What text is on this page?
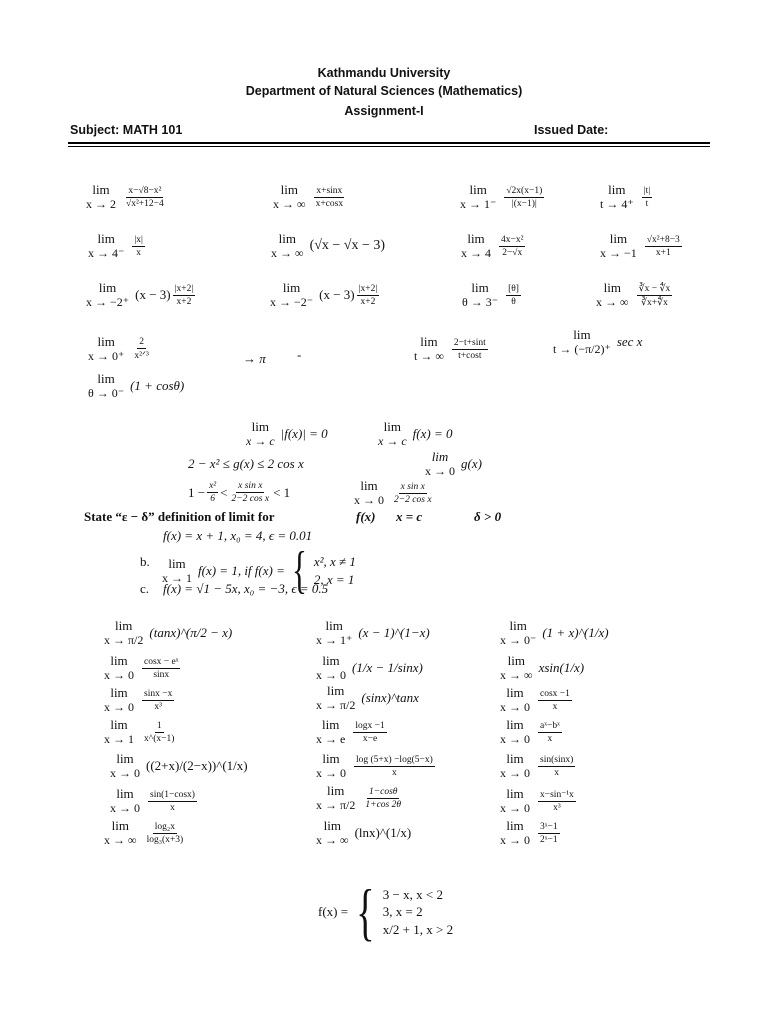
Kathmandu University
Department of Natural Sciences (Mathematics)
Assignment-I
Subject: MATH 101	Issued Date:
lim
x → 2
x−√8−x²
√x²+12−4
lim
x → ∞
x+sinx
x+cosx
lim
x → 1⁻
√2x(x−1)
|(x−1)|
lim
t → 4⁺
|t|
t
lim
x → 4⁻
|x|
x
lim
x → ∞ (√x − √x − 3)	lim
x → 4
4x−x²
2−√x
lim
x → −1
√x²+8−3
x+1
lim
x → −2⁺ (x − 3) |x+2|
x+2
lim
x → −2⁻ (x − 3) |x+2|
x+2
lim
θ → 3⁻
[θ]
θ
lim
x → ∞
∛x − ∜x
∛x+∜x
lim
x → 0⁺
2
x²ᐟ³	→ π -
lim
t → ∞
2−t+sint
t+cost
lim
t → (−π/2)⁺ sec x
lim
θ → 0⁻ (1 + cosθ)
lim
x → c |f(x)| = 0	lim
x → c f(x) = 0
2 − x² ≤ g(x) ≤ 2 cos x	lim
x → 0 g(x)
$1 - \frac{\text{x²}}{6} < x$ sin x
2−2 cos x < 1	lim
x → 0
x sin x
2−2 cos x
State “ε − δ” definition of limit for	f(x) x = c	δ > 0
f(x) = x + 1, x₀ = 4, ϵ = 0.01
b. lim
x → 1 f(x) = 1, if f(x) = { x², x ≠ 1
2, x = 1
c. f(x) = √1 − 5x, x₀ = −3, ϵ = 0.5
lim
x → π/2 (tanx)^(π/2 − x)
lim
x → 0
cosx − eˣ
sinx
lim
x → 0
sinx −x
x³
lim
x → 1
1
x^(x−1)
lim
x → 0 ((2+x)/(2−x))^(1/x)
lim
x → 0
sin(1−cosx)
x
lim
x → ∞
log₂x
log₃(x+3)
lim
x → 1⁺ (x − 1)^(1−x)
lim
x → 0 (1/x − 1/sinx)
lim
x → π/2 (sinx)^tanx
lim
x → e
logx −1
x−e
lim
x → 0
log (5+x) −log(5−x)
x
lim
x → π/2
1−cosθ
1+cos 2θ
lim
x → ∞ (lnx)^(1/x)
lim
x → 0⁻ (1 + x)^(1/x)
lim
x → ∞ xsin(1/x)
lim
x → 0
cosx −1
x
lim
x → 0
aˣ−bˣ
x
lim
x → 0
sin(sinx)
x
lim
x → 0
x−sin⁻¹x
x³
lim
x → 0
3ˣ−1
2ˣ−1
f(x) = { 3 − x, x < 2
3, x = 2
x/2 + 1, x > 2
